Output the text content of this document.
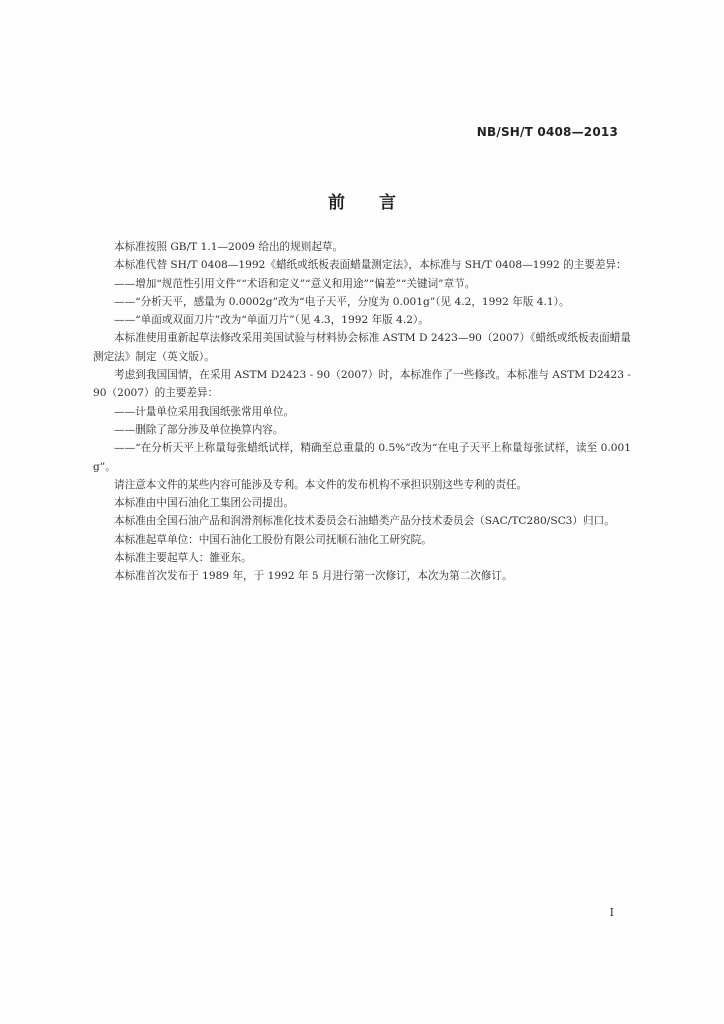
NB/SH/T 0408—2013
前言

本标准按照 GB/T 1.1—2009 给出的规则起草。

本标准代替 SH/T 0408—1992《蜡纸或纸板表面蜡量测定法》，本标准与 SH/T 0408—1992 的主要差异：

——增加“规范性引用文件”“术语和定义”“意义和用途”“偏差”“关键词”章节。

——“分析天平，感量为 0.0002g”改为“电子天平，分度为 0.001g”（见 4.2，1992 年版 4.1）。

——“单面或双面刀片”改为“单面刀片”（见 4.3，1992 年版 4.2）。

本标准使用重新起草法修改采用美国试验与材料协会标准 ASTM D 2423—90（2007）《蜡纸或纸板表面蜡量测定法》制定（英文版）。

考虑到我国国情，在采用 ASTM D2423 - 90（2007）时，本标准作了一些修改。本标准与 ASTM D2423 - 90（2007）的主要差异：

——计量单位采用我国纸张常用单位。

——删除了部分涉及单位换算内容。

——“在分析天平上称量每张蜡纸试样，精确至总重量的 0.5%”改为“在电子天平上称量每张试样，读至 0.001g”。

请注意本文件的某些内容可能涉及专利。本文件的发布机构不承担识别这些专利的责任。

本标准由中国石油化工集团公司提出。

本标准由全国石油产品和润滑剂标准化技术委员会石油蜡类产品分技术委员会（SAC/TC280/SC3）归口。

本标准起草单位：中国石油化工股份有限公司抚顺石油化工研究院。

本标准主要起草人：雒亚东。

本标准首次发布于 1989 年，于 1992 年 5 月进行第一次修订，本次为第二次修订。

I
